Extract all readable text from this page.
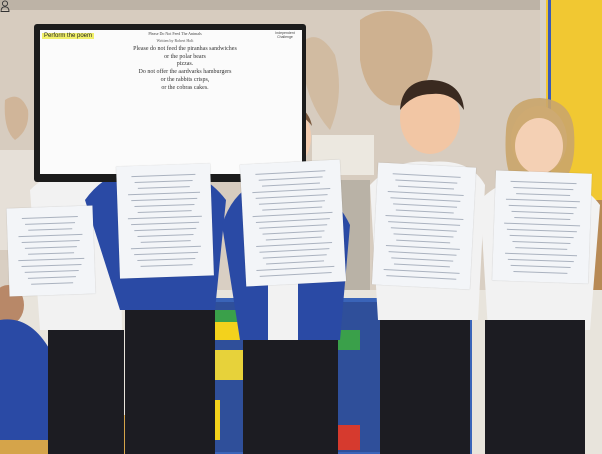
Perform the poem	Please Do Not Feed The Animals
Written by Robert Holt
Independent Challenge
Please do not feed the piranhas sandwiches
or the polar bears
pizzas.
Do not offer the aardvarks hamburgers
or the rabbits crisps,
or the cobras cakes.
